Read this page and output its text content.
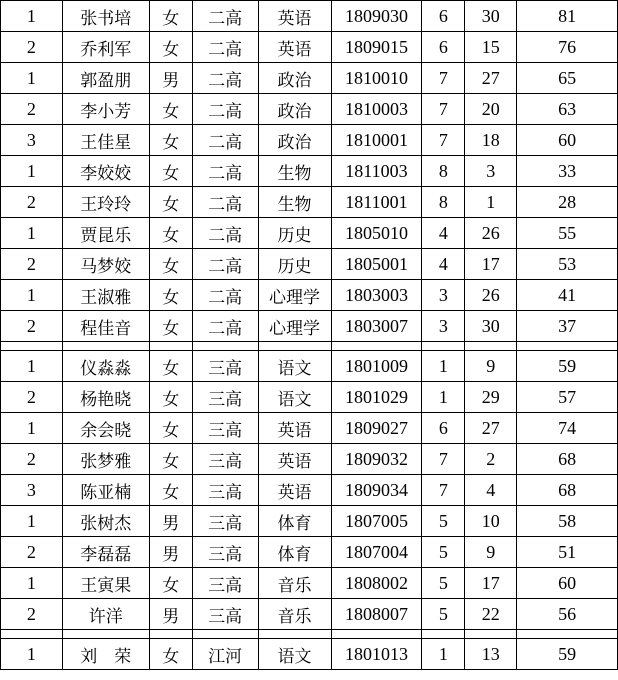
1	张书培	女	二高	英语	1809030	6	30	81
2	乔利军	女	二高	英语	1809015	6	15	76
1	郭盈朋	男	二高	政治	1810010	7	27	65
2	李小芳	女	二高	政治	1810003	7	20	63
3	王佳星	女	二高	政治	1810001	7	18	60
1	李姣姣	女	二高	生物	1811003	8	3	33
2	王玲玲	女	二高	生物	1811001	8	1	28
1	贾昆乐	女	二高	历史	1805010	4	26	55
2	马梦姣	女	二高	历史	1805001	4	17	53
1	王淑雅	女	二高	心理学	1803003	3	26	41
2	程佳音	女	二高	心理学	1803007	3	30	37

1	仪淼淼	女	三高	语文	1801009	1	9	59
2	杨艳晓	女	三高	语文	1801029	1	29	57
1	余会晓	女	三高	英语	1809027	6	27	74
2	张梦雅	女	三高	英语	1809032	7	2	68
3	陈亚楠	女	三高	英语	1809034	7	4	68
1	张树杰	男	三高	体育	1807005	5	10	58
2	李磊磊	男	三高	体育	1807004	5	9	51
1	王寅果	女	三高	音乐	1808002	5	17	60
2	许洋	男	三高	音乐	1808007	5	22	56

1	刘　荣	女	江河	语文	1801013	1	13	59
